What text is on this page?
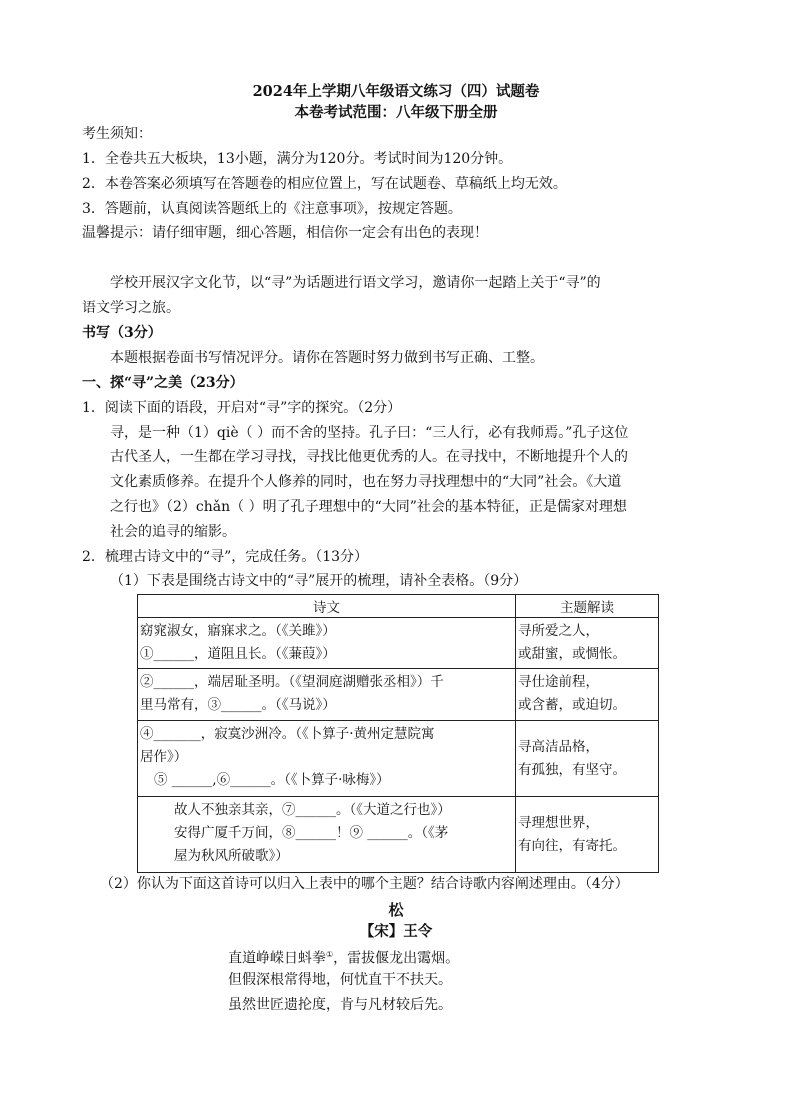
2024年上学期八年级语文练习（四）试题卷
本卷考试范围：八年级下册全册
考生须知：
1．全卷共五大板块，13小题，满分为120分。考试时间为120分钟。
2．本卷答案必须填写在答题卷的相应位置上，写在试题卷、草稿纸上均无效。
3．答题前，认真阅读答题纸上的《注意事项》，按规定答题。
温馨提示：请仔细审题，细心答题，相信你一定会有出色的表现！
学校开展汉字文化节，以“寻”为话题进行语文学习，邀请你一起踏上关于“寻”的
语文学习之旅。
书写（3分）
本题根据卷面书写情况评分。请你在答题时努力做到书写正确、工整。
一、探“寻”之美（23分）
1．阅读下面的语段，开启对“寻”字的探究。（2分）
寻，是一种（1）qiè（ ）而不舍的坚持。孔子曰：“三人行，必有我师焉。”孔子这位
古代圣人，一生都在学习寻找，寻找比他更优秀的人。在寻找中，不断地提升个人的
文化素质修养。在提升个人修养的同时，也在努力寻找理想中的“大同”社会。《大道
之行也》（2）chǎn（ ）明了孔子理想中的“大同”社会的基本特征，正是儒家对理想
社会的追寻的缩影。
2．梳理古诗文中的“寻”，完成任务。（13分）
（1）下表是围绕古诗文中的“寻”展开的梳理，请补全表格。（9分）
诗文	主题解读

窈窕淑女，寤寐求之。（《关雎》）
①______，道阻且长。（《蒹葭》）	寻所爱之人，
或甜蜜，或惆怅。

②______，端居耻圣明。（《望洞庭湖赠张丞相》）千
里马常有，③______。（《马说》）	寻仕途前程，
或含蓄，或迫切。

④_______，寂寞沙洲冷。（《卜算子·黄州定慧院寓
居作》）
⑤ ______,⑥______。（《卜算子·咏梅》）	寻高洁品格，
有孤独，有坚守。

故人不独亲其亲，⑦______。（《大道之行也》）
安得广厦千万间，⑧______！⑨ ______。（《茅
屋为秋风所破歌》）	寻理想世界，
有向往，有寄托。
（2）你认为下面这首诗可以归入上表中的哪个主题？结合诗歌内容阐述理由。（4分）
松
【宋】王令
直道峥嵘日蚪拳①，雷拔偃龙出霭烟。
但假深根常得地，何忧直干不扶天。
虽然世匠遗抡度，肯与凡材较后先。
